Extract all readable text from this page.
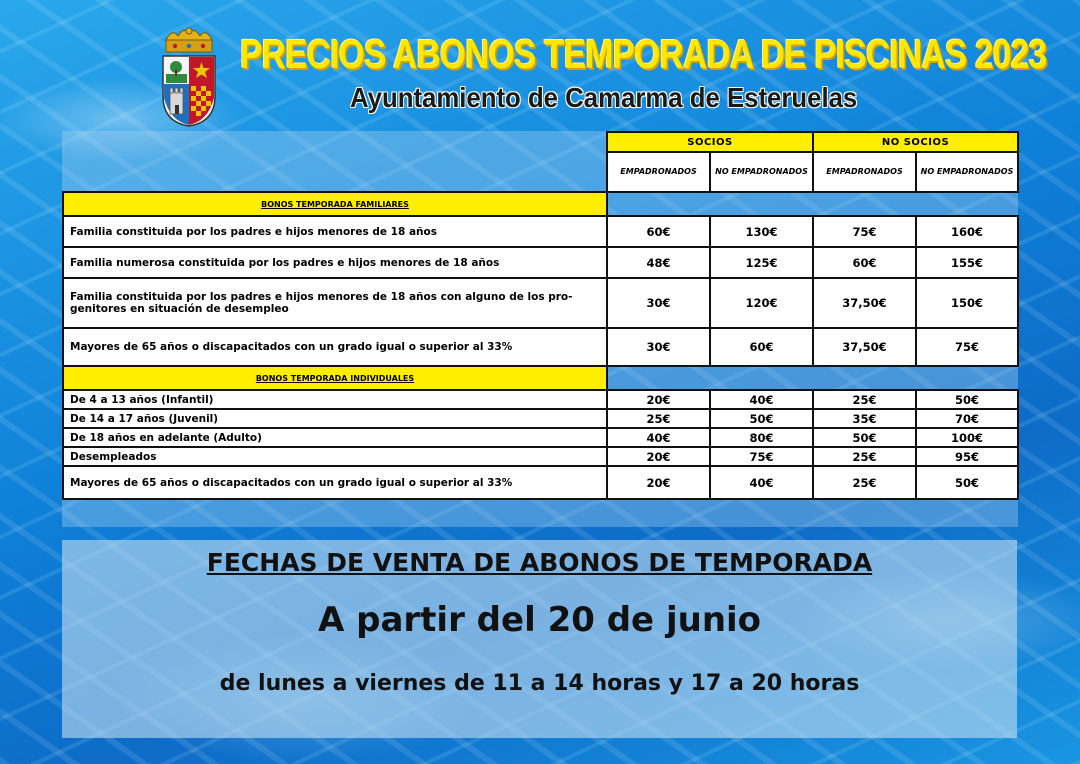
PRECIOS ABONOS TEMPORADA DE PISCINAS 2023
Ayuntamiento de Camarma de Esteruelas
	SOCIOS		NO SOCIOS	
	EMPADRONADOS	NO EMPADRONADOS	EMPADRONADOS	NO EMPADRONADOS
BONOS TEMPORADA FAMILIARES				
Familia constituida por los padres e hijos menores de 18 años	60€	130€	75€	160€
Familia numerosa constituida por los padres e hijos menores de 18 años	48€	125€	60€	155€
Familia constituida por los padres e hijos menores de 18 años con alguno de los pro-genitores en situación de desempleo	30€	120€	37,50€	150€
Mayores de 65 años o discapacitados con un grado igual o superior al 33%	30€	60€	37,50€	75€
BONOS TEMPORADA INDIVIDUALES				
De 4 a 13 años (Infantil)	20€	40€	25€	50€
De 14 a 17 años (Juvenil)	25€	50€	35€	70€
De 18 años en adelante (Adulto)	40€	80€	50€	100€
Desempleados	20€	75€	25€	95€
Mayores de 65 años o discapacitados con un grado igual o superior al 33%	20€	40€	25€	50€
FECHAS DE VENTA DE ABONOS DE TEMPORADA
A partir del 20 de junio
de lunes a viernes de 11 a 14 horas y 17 a 20 horas
